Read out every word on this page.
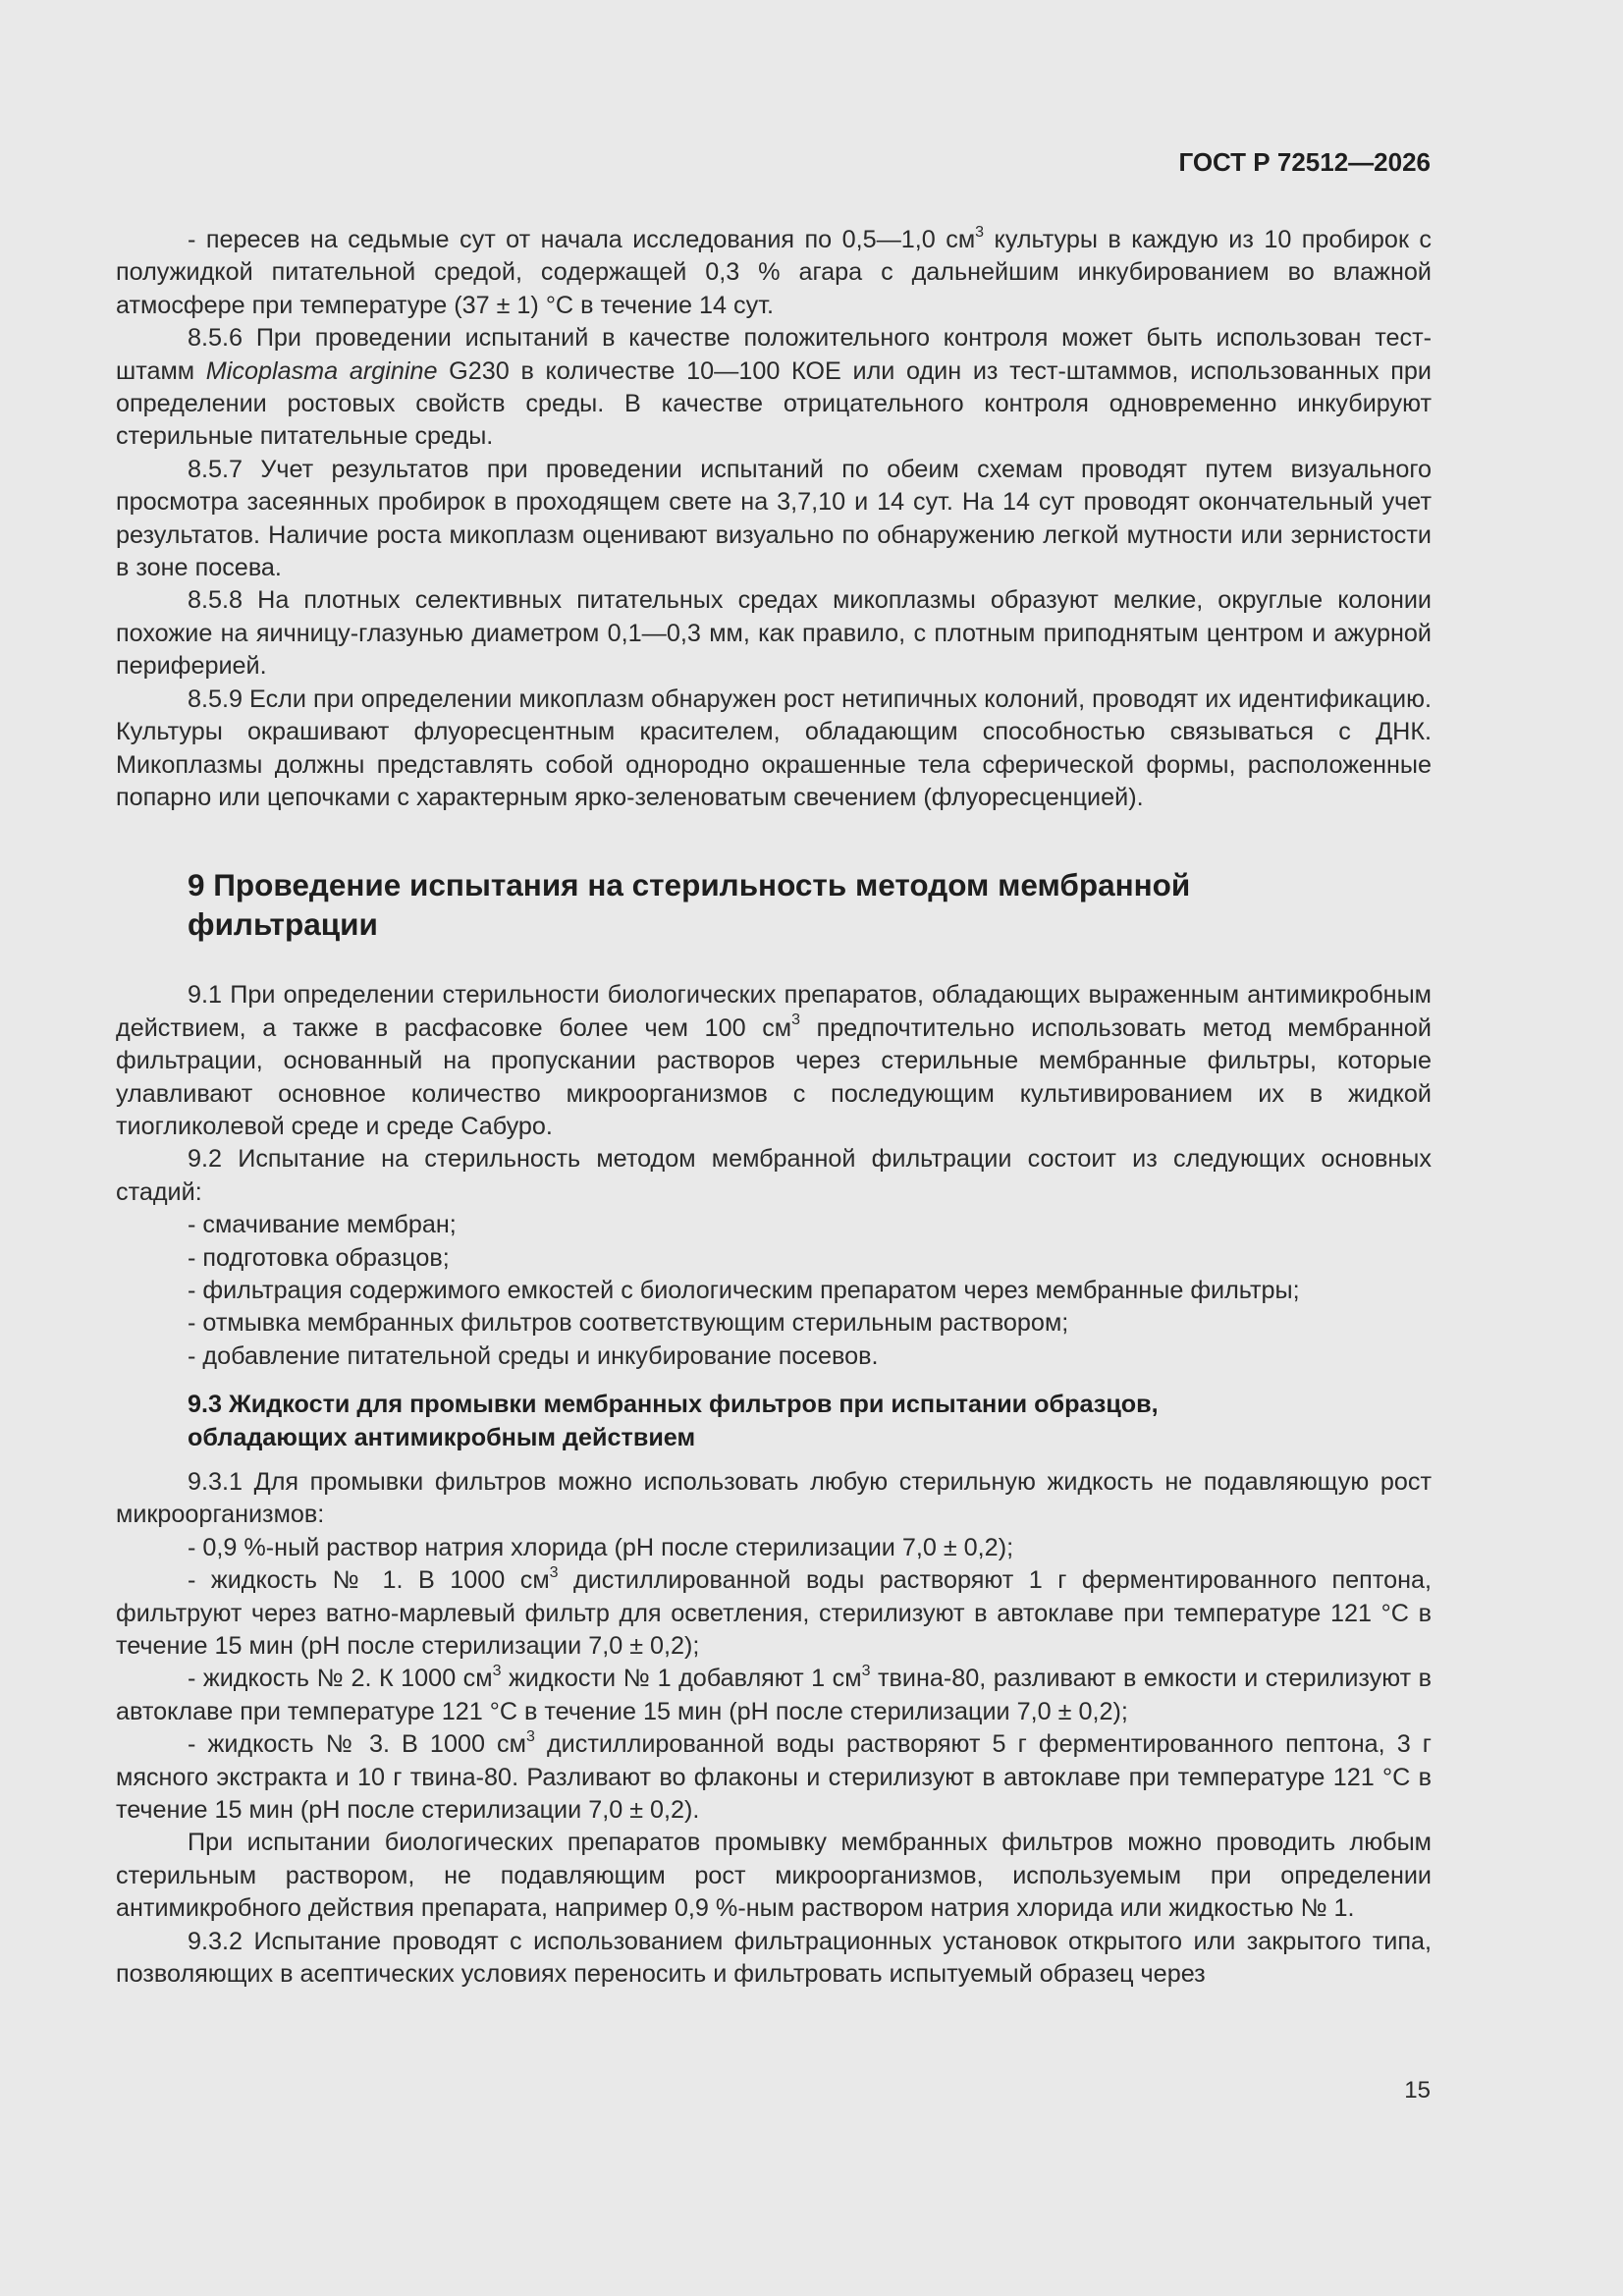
ГОСТ Р 72512—2026

- пересев на седьмые сут от начала исследования по 0,5—1,0 $см^3$ культуры в каждую из 10 пробирок с полужидкой питательной средой, содержащей 0,3 % агара с дальнейшим инкубированием во влажной атмосфере при температуре (37 ± 1) °С в течение 14 сут.

8.5.6 При проведении испытаний в качестве положительного контроля может быть использован тест-штамм Micoplasma arginine G230 в количестве 10—100 КОЕ или один из тест-штаммов, использованных при определении ростовых свойств среды. В качестве отрицательного контроля одновременно инкубируют стерильные питательные среды.

8.5.7 Учет результатов при проведении испытаний по обеим схемам проводят путем визуального просмотра засеянных пробирок в проходящем свете на 3,7,10 и 14 сут. На 14 сут проводят окончательный учет результатов. Наличие роста микоплазм оценивают визуально по обнаружению легкой мутности или зернистости в зоне посева.

8.5.8 На плотных селективных питательных средах микоплазмы образуют мелкие, округлые колонии похожие на яичницу-глазунью диаметром 0,1—0,3 мм, как правило, с плотным приподнятым центром и ажурной периферией.

8.5.9 Если при определении микоплазм обнаружен рост нетипичных колоний, проводят их идентификацию. Культуры окрашивают флуоресцентным красителем, обладающим способностью связываться с ДНК. Микоплазмы должны представлять собой однородно окрашенные тела сферической формы, расположенные попарно или цепочками с характерным ярко-зеленоватым свечением (флуоресценцией).

9 Проведение испытания на стерильность методом мембранной
фильтрации

9.1 При определении стерильности биологических препаратов, обладающих выраженным антимикробным действием, а также в расфасовке более чем 100 $см^3$ предпочтительно использовать метод мембранной фильтрации, основанный на пропускании растворов через стерильные мембранные фильтры, которые улавливают основное количество микроорганизмов с последующим культивированием их в жидкой тиогликолевой среде и среде Сабуро.

9.2 Испытание на стерильность методом мембранной фильтрации состоит из следующих основных стадий:

- смачивание мембран;

- подготовка образцов;

- фильтрация содержимого емкостей с биологическим препаратом через мембранные фильтры;

- отмывка мембранных фильтров соответствующим стерильным раствором;

- добавление питательной среды и инкубирование посевов.

9.3 Жидкости для промывки мембранных фильтров при испытании образцов,
обладающих антимикробным действием

9.3.1 Для промывки фильтров можно использовать любую стерильную жидкость не подавляющую рост микроорганизмов:

- 0,9 %-ный раствор натрия хлорида (рН после стерилизации 7,0 ± 0,2);

- жидкость № 1. В 1000 $см^3$ дистиллированной воды растворяют 1 г ферментированного пептона, фильтруют через ватно-марлевый фильтр для осветления, стерилизуют в автоклаве при температуре 121 °С в течение 15 мин (рН после стерилизации 7,0 ± 0,2);

- жидкость № 2. К 1000 $см^3$ жидкости № 1 добавляют 1 $см^3$ твина-80, разливают в емкости и стерилизуют в автоклаве при температуре 121 °С в течение 15 мин (рН после стерилизации 7,0 ± 0,2);

- жидкость № 3. В 1000 $см^3$ дистиллированной воды растворяют 5 г ферментированного пептона, 3 г мясного экстракта и 10 г твина-80. Разливают во флаконы и стерилизуют в автоклаве при температуре 121 °С в течение 15 мин (рН после стерилизации 7,0 ± 0,2).

При испытании биологических препаратов промывку мембранных фильтров можно проводить любым стерильным раствором, не подавляющим рост микроорганизмов, используемым при определении антимикробного действия препарата, например 0,9 %-ным раствором натрия хлорида или жидкостью № 1.

9.3.2 Испытание проводят с использованием фильтрационных установок открытого или закрытого типа, позволяющих в асептических условиях переносить и фильтровать испытуемый образец через

15
